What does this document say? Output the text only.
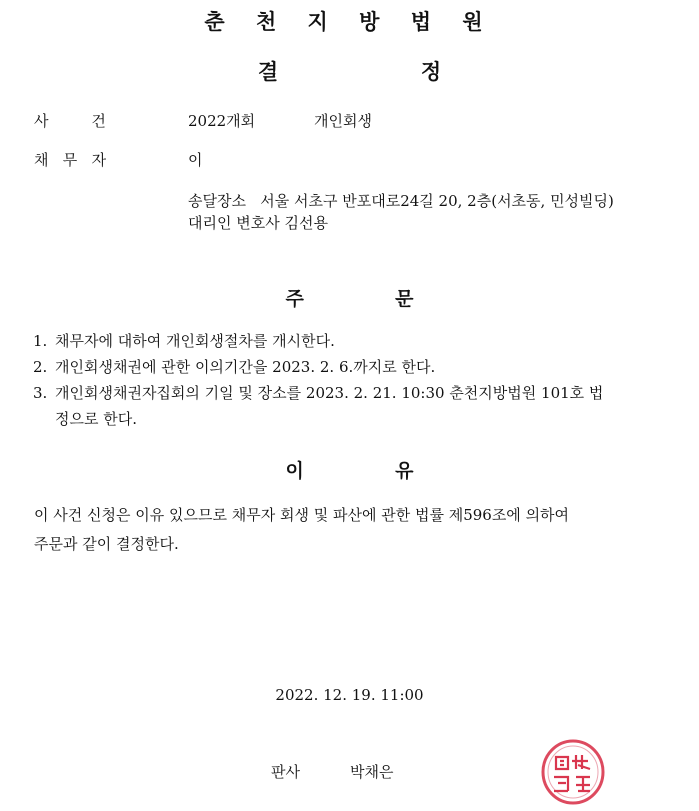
춘 천 지 방 법 원
결	정
사         건	2022개회	개인회생
채   무   자	이
송달장소   서울 서초구 반포대로24길 20, 2층(서초동, 민성빌딩)
대리인 변호사 김선용
주	문
1. 채무자에 대하여 개인회생절차를 개시한다.
2. 개인회생채권에 관한 이의기간을 2023. 2. 6.까지로 한다.
3. 개인회생채권자집회의 기일 및 장소를 2023. 2. 21. 10:30 춘천지방법원 101호 법
정으로 한다.
이	유
이 사건 신청은 이유 있으므로 채무자 회생 및 파산에 관한 법률 제596조에 의하여
주문과 같이 결정한다.
2022. 12. 19. 11:00
판사	박채은
